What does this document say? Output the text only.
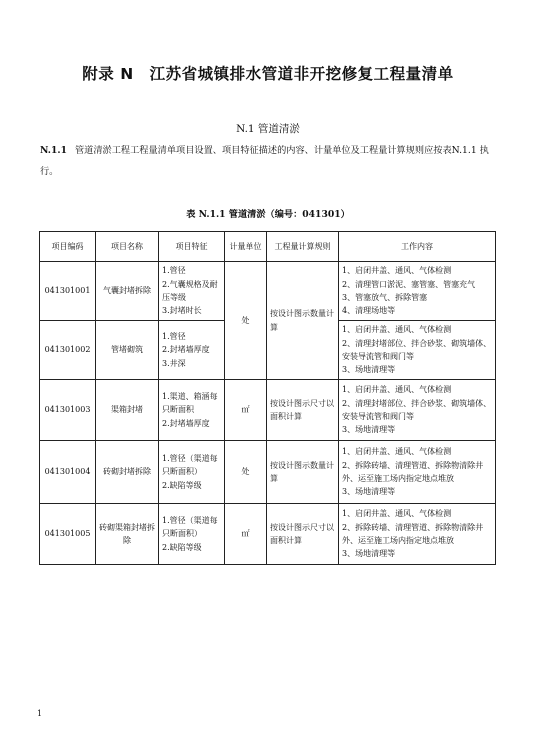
附录 N 江苏省城镇排水管道非开挖修复工程量清单
N.1 管道清淤
N.1.1 管道清淤工程工程量清单项目设置、项目特征描述的内容、计量单位及工程量计算规则应按表N.1.1 执行。
表 N.1.1 管道清淤（编号：041301）
项目编码	项目名称	项目特征	计量单位	工程量计算规则	工作内容
041301001	气囊封堵拆除	1.管径
2.气囊规格及耐压等级
3.封堵时长	处	按设计图示数量计算	1、启闭井盖、通风、气体检测
2、清理管口淤泥、塞管塞、管塞充气
3、管塞放气、拆除管塞
4、清理场地等

041301002	管堵砌筑	1.管径
2.封堵墙厚度
3.井深			1、启闭井盖、通风、气体检测
2、清理封堵部位、拌合砂浆、砌筑墙体、安装导流管和阀门等
3、场地清理等

041301003	渠箱封堵	1.渠道、箱涵每只断面积
2.封堵墙厚度	㎡	按设计图示尺寸以面积计算	1、启闭井盖、通风、气体检测
2、清理封堵部位、拌合砂浆、砌筑墙体、安装导流管和阀门等
3、场地清理等

041301004	砖砌封堵拆除	1.管径（渠道每只断面积）
2.缺陷等级	处	按设计图示数量计算	1、启闭井盖、通风、气体检测
2、拆除砖墙、清理管道、拆除物清除井外、运至施工场内指定地点堆放
3、场地清理等

041301005	砖砌渠箱封堵拆除	1.管径（渠道每只断面积）
2.缺陷等级	㎡	按设计图示尺寸以面积计算	1、启闭井盖、通风、气体检测
2、拆除砖墙、清理管道、拆除物清除井外、运至施工场内指定地点堆放
3、场地清理等
1
